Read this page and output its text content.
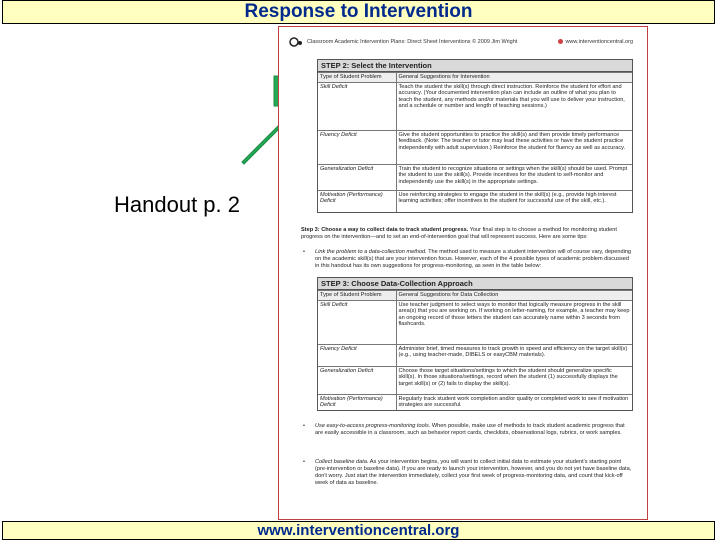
Response to Intervention
Handout p. 2
Classroom Academic Intervention Plans: Direct Sheet Interventions © 2009 Jim Wright	www.interventioncentral.org
STEP 2: Select the Intervention
Type of Student Problem	General Suggestions for Intervention
Skill Deficit	Teach the student the skill(s) through direct instruction. Reinforce the student for effort and accuracy. (Your documented intervention plan can include an outline of what you plan to teach the student, any methods and/or materials that you will use to deliver your instruction, and a schedule or number and length of teaching sessions.)
Fluency Deficit	Give the student opportunities to practice the skill(s) and then provide timely performance feedback. (Note: The teacher or tutor may lead these activities or have the student practice independently with adult supervision.) Reinforce the student for fluency as well as accuracy.
Generalization Deficit	Train the student to recognize situations or settings when the skill(s) should be used. Prompt the student to use the skill(s). Provide incentives for the student to self-monitor and independently use the skill(s) in the appropriate settings.
Motivation (Performance) Deficit	Use reinforcing strategies to engage the student in the skill(s) (e.g., provide high interest learning activities; offer incentives to the student for successful use of the skill, etc.).
Step 3: Choose a way to collect data to track student progress. Your final step is to choose a method for monitoring student progress on the intervention—and to set an end-of-intervention goal that will represent success. Here are some tips:
• Link the problem to a data-collection method. The method used to measure a student intervention will of course vary, depending on the academic skill(s) that are your intervention focus. However, each of the 4 possible types of academic problem discussed in this handout has its own suggestions for progress-monitoring, as seen in the table below:
STEP 3: Choose Data-Collection Approach
Type of Student Problem	General Suggestions for Data Collection
Skill Deficit	Use teacher judgment to select ways to monitor that logically measure progress in the skill area(s) that you are working on. If working on letter-naming, for example, a teacher may keep an ongoing record of those letters the student can accurately name within 3 seconds from flashcards.
Fluency Deficit	Administer brief, timed measures to track growth in speed and efficiency on the target skill(s) (e.g., using teacher-made, DIBELS or easyCBM materials).
Generalization Deficit	Choose those target situations/settings to which the student should generalize specific skill(s). In those situations/settings, record when the student (1) successfully displays the target skill(s) or (2) fails to display the skill(s).
Motivation (Performance) Deficit	Regularly track student work completion and/or quality or completed work to see if motivation strategies are successful.
• Use easy-to-access progress-monitoring tools. When possible, make use of methods to track student academic progress that are easily accessible in a classroom, such as behavior report cards, checklists, observational logs, rubrics, or work samples.
• Collect baseline data. As your intervention begins, you will want to collect initial data to estimate your student's starting point (pre-intervention or baseline data). If you are ready to launch your intervention, however, and you do not yet have baseline data, don't worry. Just start the intervention immediately, collect your first week of progress-monitoring data, and count that kick-off week of data as baseline.
www.interventioncentral.org
